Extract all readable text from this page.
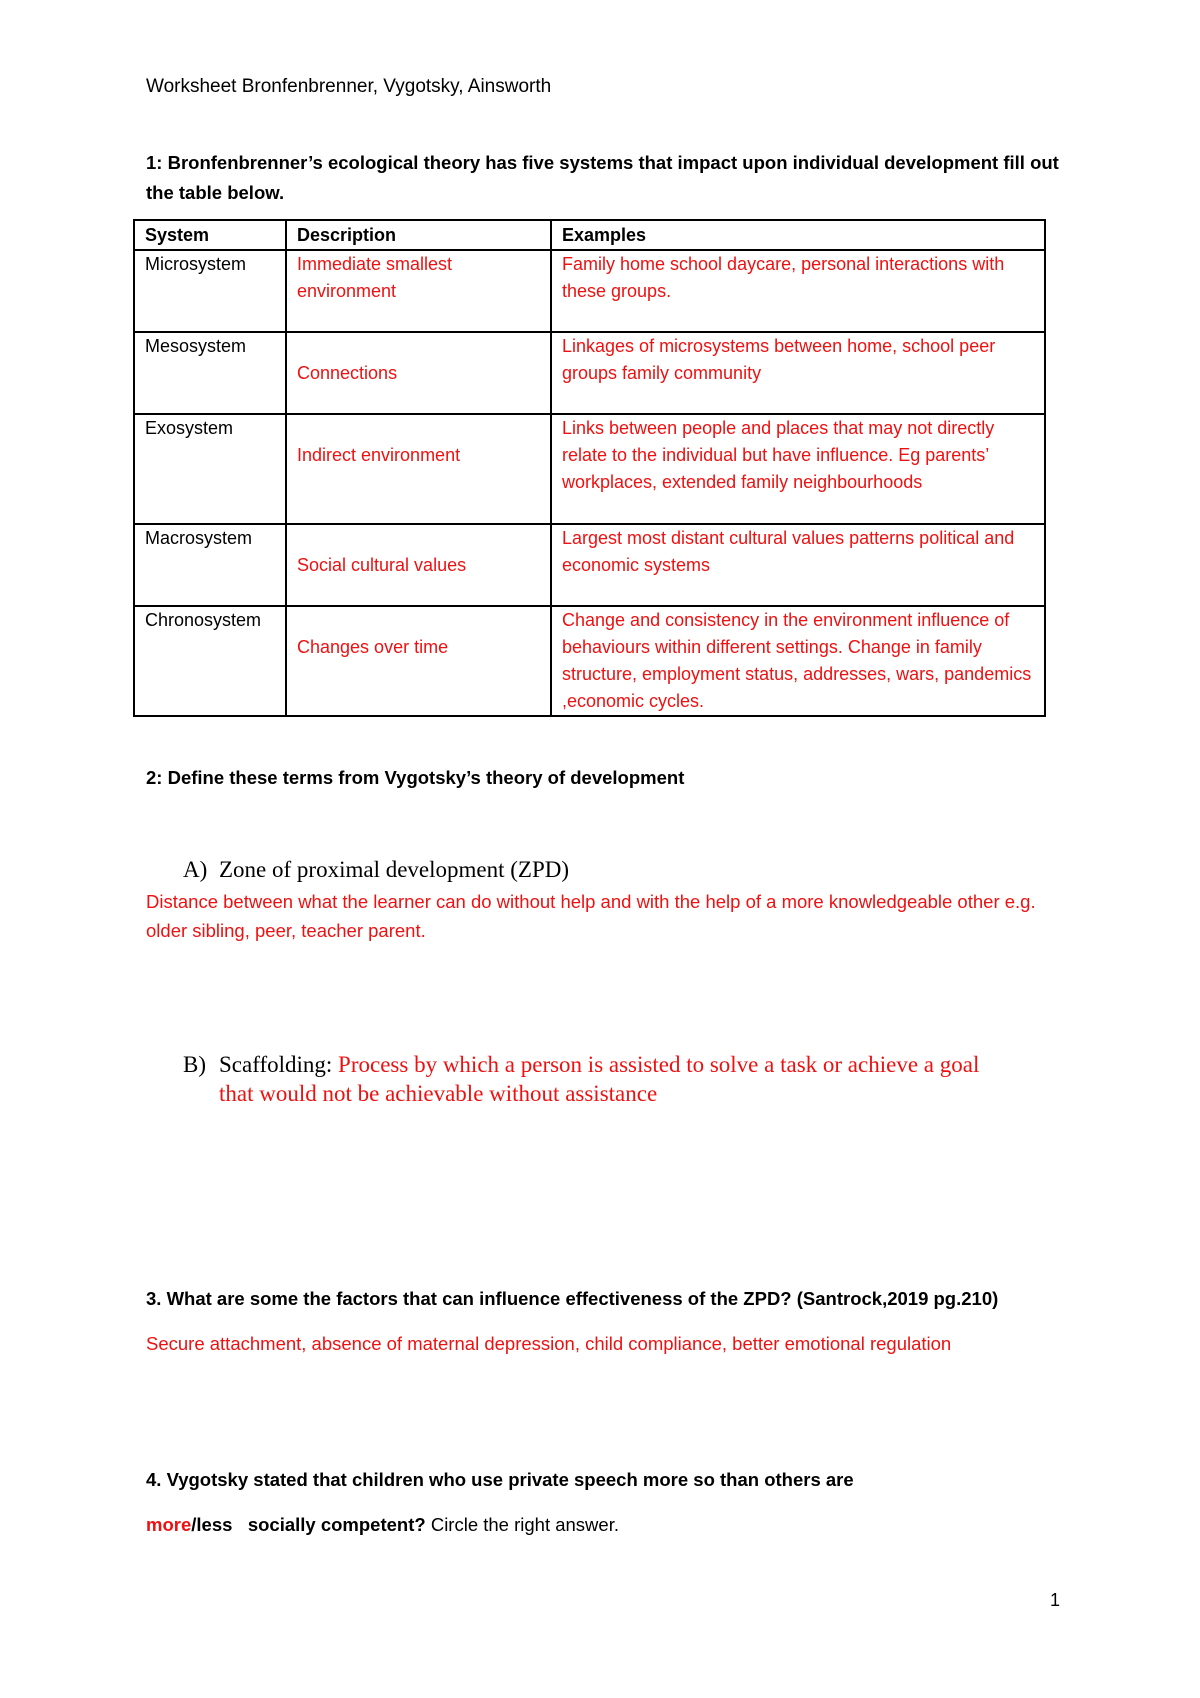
Worksheet Bronfenbrenner, Vygotsky, Ainsworth
1: Bronfenbrenner’s ecological theory has five systems that impact upon individual development fill out the table below.
System	Description	Examples
Microsystem	Immediate smallest environment	Family home school daycare, personal interactions with these groups.
Mesosystem	Connections	Linkages of microsystems between home, school peer groups family community
Exosystem	Indirect environment	Links between people and places that may not directly relate to the individual but have influence. Eg parents’ workplaces, extended family neighbourhoods
Macrosystem	Social cultural values	Largest most distant cultural values patterns political and economic systems
Chronosystem	Changes over time	Change and consistency in the environment influence of behaviours within different settings. Change in family structure, employment status, addresses, wars, pandemics ,economic cycles.
2: Define these terms from Vygotsky’s theory of development
A) Zone of proximal development (ZPD)
Distance between what the learner can do without help and with the help of a more knowledgeable other e.g. older sibling, peer, teacher parent.
B) Scaffolding: Process by which a person is assisted to solve a task or achieve a goal
that would not be achievable without assistance
3. What are some the factors that can influence effectiveness of the ZPD? (Santrock,2019 pg.210)
Secure attachment, absence of maternal depression, child compliance, better emotional regulation
4. Vygotsky stated that children who use private speech more so than others are
more/less socially competent? Circle the right answer.
1
